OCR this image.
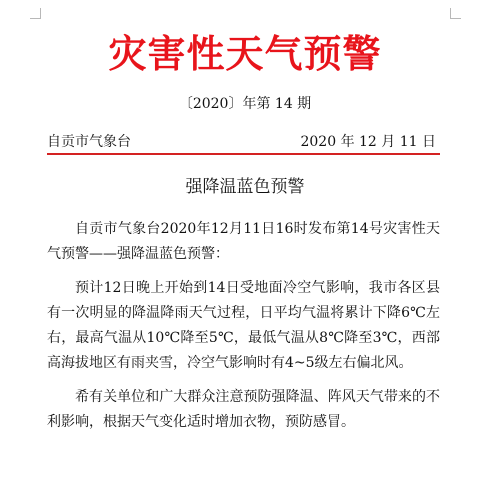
灾害性天气预警
〔2020〕年第 14 期
自贡市气象台	2020 年 12 月 11 日
强降温蓝色预警

自贡市气象台2020年12月11日16时发布第14号灾害性天气预警——强降温蓝色预警：

预计12日晚上开始到14日受地面冷空气影响，我市各区县有一次明显的降温降雨天气过程，日平均气温将累计下降6℃左右，最高气温从10℃降至5℃，最低气温从8℃降至3℃，西部高海拔地区有雨夹雪，冷空气影响时有4~5级左右偏北风。

希有关单位和广大群众注意预防强降温、阵风天气带来的不利影响，根据天气变化适时增加衣物，预防感冒。
